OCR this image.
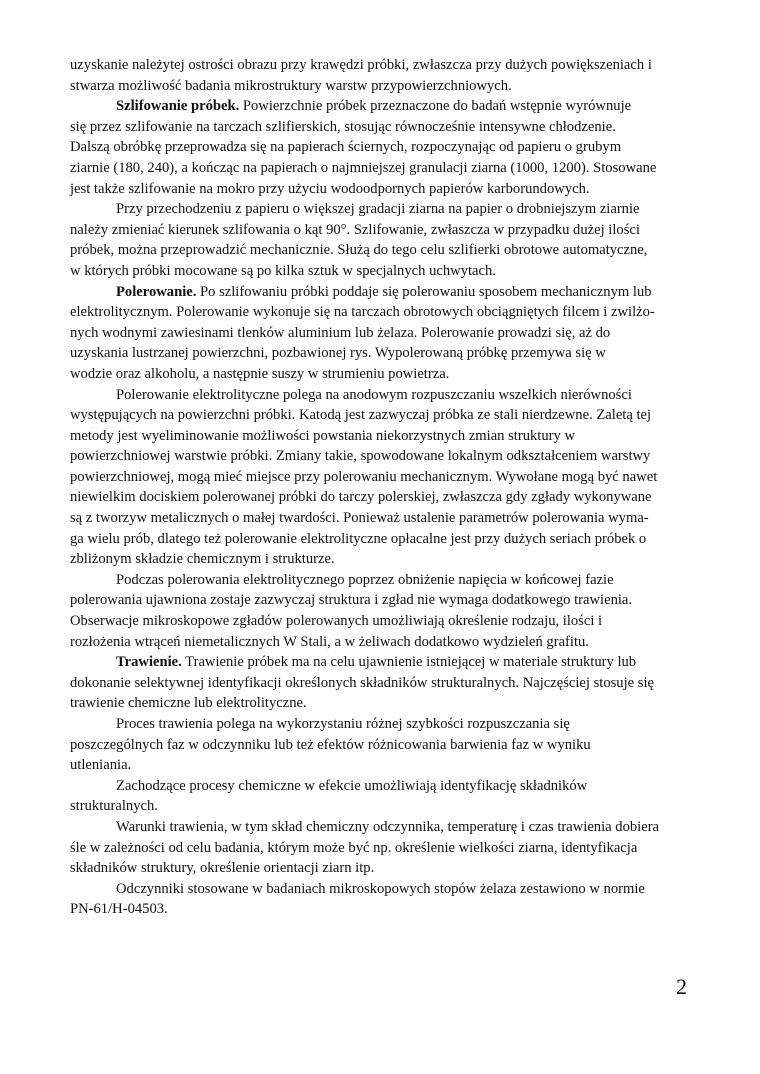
uzyskanie należytej ostrości obrazu przy krawędzi próbki, zwłaszcza przy dużych powiększeniach i
stwarza możliwość badania mikrostruktury warstw przypowierzchniowych.

Szlifowanie próbek. Powierzchnie próbek przeznaczone do badań wstępnie wyrównuje
się przez szlifowanie na tarczach szlifierskich, stosując równocześnie intensywne chłodzenie.
Dalszą obróbkę przeprowadza się na papierach ściernych, rozpoczynając od papieru o grubym
ziarnie (180, 240), a kończąc na papierach o najmniejszej granulacji ziarna (1000, 1200). Stosowane
jest także szlifowanie na mokro przy użyciu wodoodpornych papierów karborundowych.

Przy przechodzeniu z papieru o większej gradacji ziarna na papier o drobniejszym ziarnie
należy zmieniać kierunek szlifowania o kąt 90°. Szlifowanie, zwłaszcza w przypadku dużej ilości
próbek, można przeprowadzić mechanicznie. Służą do tego celu szlifierki obrotowe automatyczne,
w których próbki mocowane są po kilka sztuk w specjalnych uchwytach.

Polerowanie. Po szlifowaniu próbki poddaje się polerowaniu sposobem mechanicznym lub
elektrolitycznym. Polerowanie wykonuje się na tarczach obrotowych obciągniętych filcem i zwilżo-
nych wodnymi zawiesinami tlenków aluminium lub żelaza. Polerowanie prowadzi się, aż do
uzyskania lustrzanej powierzchni, pozbawionej rys. Wypolerowaną próbkę przemywa się w
wodzie oraz alkoholu, a następnie suszy w strumieniu powietrza.

Polerowanie elektrolityczne polega na anodowym rozpuszczaniu wszelkich nierówności
występujących na powierzchni próbki. Katodą jest zazwyczaj próbka ze stali nierdzewne. Zaletą tej
metody jest wyeliminowanie możliwości powstania niekorzystnych zmian struktury w
powierzchniowej warstwie próbki. Zmiany takie, spowodowane lokalnym odkształceniem warstwy
powierzchniowej, mogą mieć miejsce przy polerowaniu mechanicznym. Wywołane mogą być nawet
niewielkim dociskiem polerowanej próbki do tarczy polerskiej, zwłaszcza gdy zgłady wykonywane
są z tworzyw metalicznych o małej twardości. Ponieważ ustalenie parametrów polerowania wyma-
ga wielu prób, dlatego też polerowanie elektrolityczne opłacalne jest przy dużych seriach próbek o
zbliżonym składzie chemicznym i strukturze.

Podczas polerowania elektrolitycznego poprzez obniżenie napięcia w końcowej fazie
polerowania ujawniona zostaje zazwyczaj struktura i zgład nie wymaga dodatkowego trawienia.
Obserwacje mikroskopowe zgładów polerowanych umożliwiają określenie rodzaju, ilości i
rozłożenia wtrąceń niemetalicznych W Stali, a w żeliwach dodatkowo wydzieleń grafitu.

Trawienie. Trawienie próbek ma na celu ujawnienie istniejącej w materiale struktury lub
dokonanie selektywnej identyfikacji określonych składników strukturalnych. Najczęściej stosuje się
trawienie chemiczne lub elektrolityczne.

Proces trawienia polega na wykorzystaniu różnej szybkości rozpuszczania się
poszczególnych faz w odczynniku lub też efektów różnicowania barwienia faz w wyniku
utleniania.

Zachodzące procesy chemiczne w efekcie umożliwiają identyfikację składników
strukturalnych.

Warunki trawienia, w tym skład chemiczny odczynnika, temperaturę i czas trawienia dobiera
śle w zależności od celu badania, którym może być np. określenie wielkości ziarna, identyfikacja
składników struktury, określenie orientacji ziarn itp.

Odczynniki stosowane w badaniach mikroskopowych stopów żelaza zestawiono w normie
PN-61/H-04503.

2
